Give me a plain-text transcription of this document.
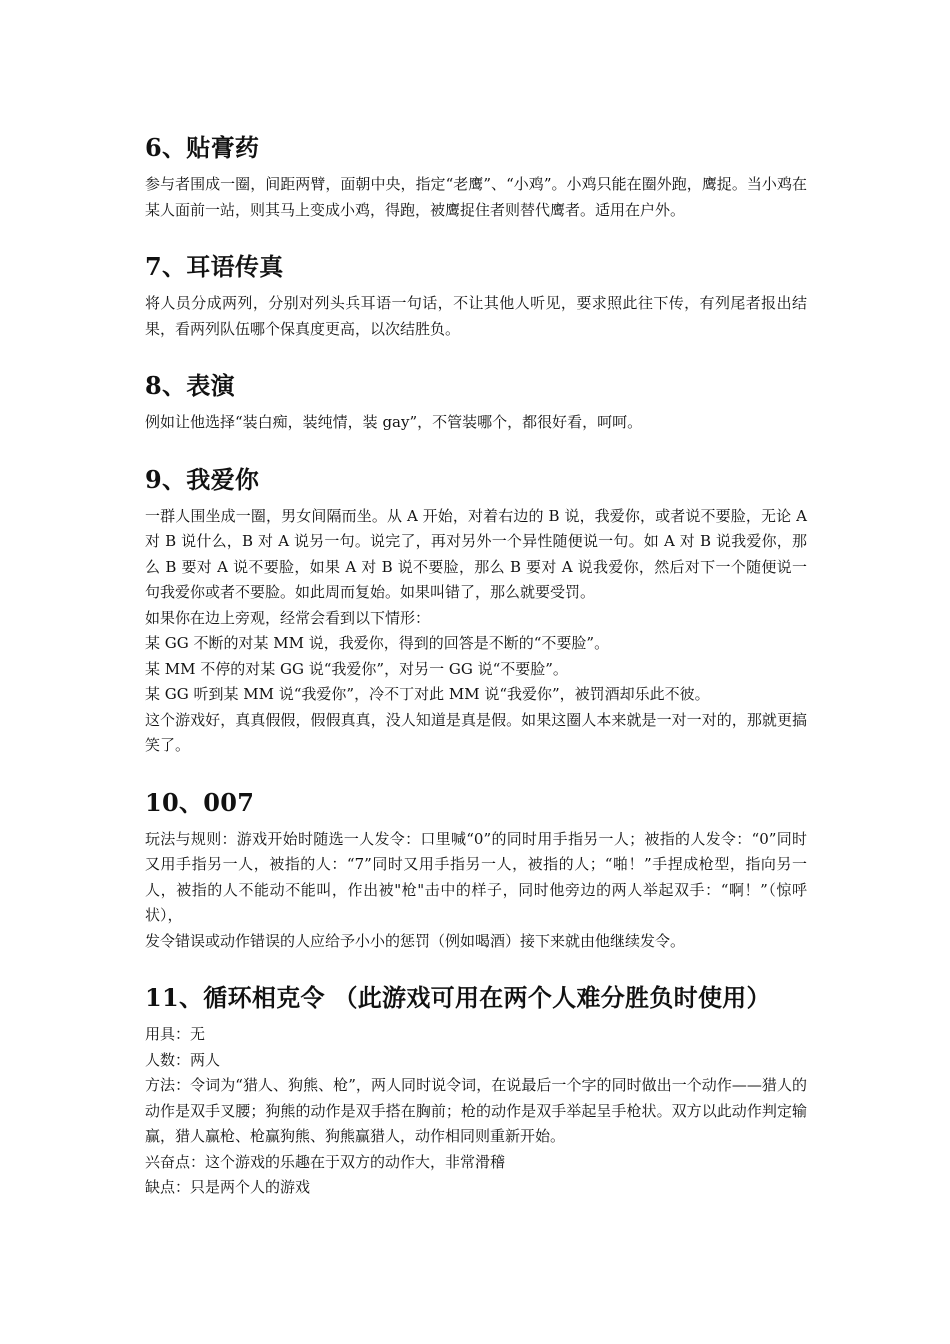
6、贴膏药

参与者围成一圈，间距两臂，面朝中央，指定“老鹰”、“小鸡”。小鸡只能在圈外跑，鹰捉。当小鸡在某人面前一站，则其马上变成小鸡，得跑，被鹰捉住者则替代鹰者。适用在户外。

7、耳语传真

将人员分成两列，分别对列头兵耳语一句话，不让其他人听见，要求照此往下传，有列尾者报出结果，看两列队伍哪个保真度更高，以次结胜负。

8、表演

例如让他选择“装白痴，装纯情，装 gay”，不管装哪个，都很好看，呵呵。

9、我爱你

一群人围坐成一圈，男女间隔而坐。从 A 开始，对着右边的 B 说，我爱你，或者说不要脸，无论 A 对 B 说什么，B 对 A 说另一句。说完了，再对另外一个异性随便说一句。如 A 对 B 说我爱你，那么 B 要对 A 说不要脸，如果 A 对 B 说不要脸，那么 B 要对 A 说我爱你，然后对下一个随便说一句我爱你或者不要脸。如此周而复始。如果叫错了，那么就要受罚。

如果你在边上旁观，经常会看到以下情形：

某 GG 不断的对某 MM 说，我爱你，得到的回答是不断的“不要脸”。

某 MM 不停的对某 GG 说“我爱你”，对另一 GG 说“不要脸”。

某 GG 听到某 MM 说“我爱你”，冷不丁对此 MM 说“我爱你”，被罚酒却乐此不彼。

这个游戏好，真真假假，假假真真，没人知道是真是假。如果这圈人本来就是一对一对的，那就更搞笑了。

10、007

玩法与规则：游戏开始时随选一人发令：口里喊“0”的同时用手指另一人；被指的人发令：“0”同时又用手指另一人，被指的人：“7”同时又用手指另一人，被指的人；“啪！”手捏成枪型，指向另一人，被指的人不能动不能叫，作出被"枪"击中的样子，同时他旁边的两人举起双手：“啊！”（惊呼状），

发令错误或动作错误的人应给予小小的惩罚（例如喝酒）接下来就由他继续发令。

11、循环相克令 （此游戏可用在两个人难分胜负时使用）

用具：无

人数：两人

方法：令词为“猎人、狗熊、枪”，两人同时说令词，在说最后一个字的同时做出一个动作——猎人的动作是双手叉腰；狗熊的动作是双手搭在胸前；枪的动作是双手举起呈手枪状。双方以此动作判定输赢，猎人赢枪、枪赢狗熊、狗熊赢猎人，动作相同则重新开始。

兴奋点：这个游戏的乐趣在于双方的动作大，非常滑稽

缺点：只是两个人的游戏
